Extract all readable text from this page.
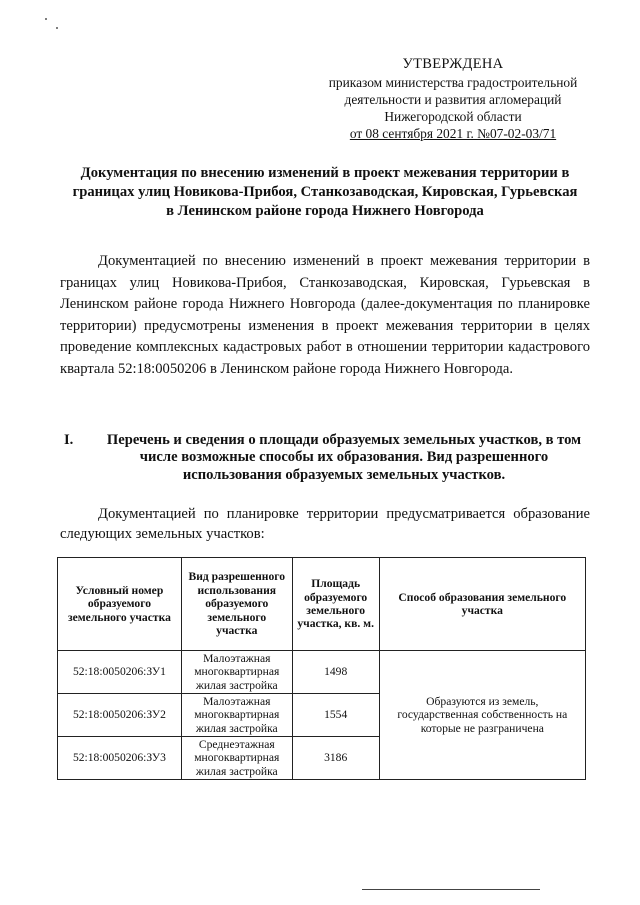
УТВЕРЖДЕНА
приказом министерства градостроительной
деятельности и развития агломераций
Нижегородской области
от 08 сентября 2021 г. №07-02-03/71
Документация по внесению изменений в проект межевания территории в
границах улиц Новикова-Прибоя, Станкозаводская, Кировская, Гурьевская
в Ленинском районе города Нижнего Новгорода

Документацией по внесению изменений в проект межевания территории в границах улиц Новикова-Прибоя, Станкозаводская, Кировская, Гурьевская в Ленинском районе города Нижнего Новгорода (далее-документация по планировке территории) предусмотрены изменения в проект межевания территории в целях проведение комплексных кадастровых работ в отношении территории кадастрового квартала 52:18:0050206 в Ленинском районе города Нижнего Новгорода.

I.	Перечень и сведения о площади образуемых земельных участков, в том
числе возможные способы их образования. Вид разрешенного
использования образуемых земельных участков.

Документацией по планировке территории предусматривается образование следующих земельных участков:

Условный номер образуемого земельного участка	Вид разрешенного использования образуемого земельного участка	Площадь образуемого земельного участка, кв. м.	Способ образования земельного участка
52:18:0050206:ЗУ1	Малоэтажная многоквартирная жилая застройка	1498	Образуются из земель, государственная собственность на которые не разграничена
52:18:0050206:ЗУ2	Малоэтажная многоквартирная жилая застройка	1554	
52:18:0050206:ЗУ3	Среднеэтажная многоквартирная жилая застройка	3186	
